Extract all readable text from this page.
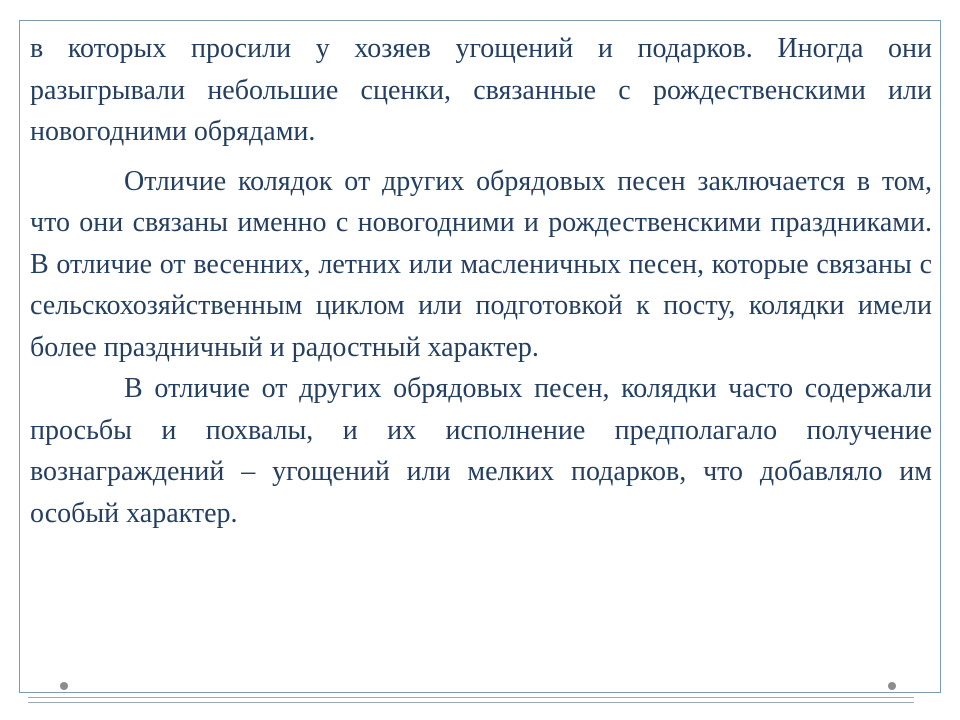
в которых просили у хозяев угощений и подарков. Иногда они разыгрывали небольшие сценки, связанные с рождественскими или новогодними обрядами.

Отличие колядок от других обрядовых песен заключается в том, что они связаны именно с новогодними и рождественскими праздниками. В отличие от весенних, летних или масленичных песен, которые связаны с сельскохозяйственным циклом или подготовкой к посту, колядки имели более праздничный и радостный характер.

В отличие от других обрядовых песен, колядки часто содержали просьбы и похвалы, и их исполнение предполагало получение вознаграждений – угощений или мелких подарков, что добавляло им особый характер.
